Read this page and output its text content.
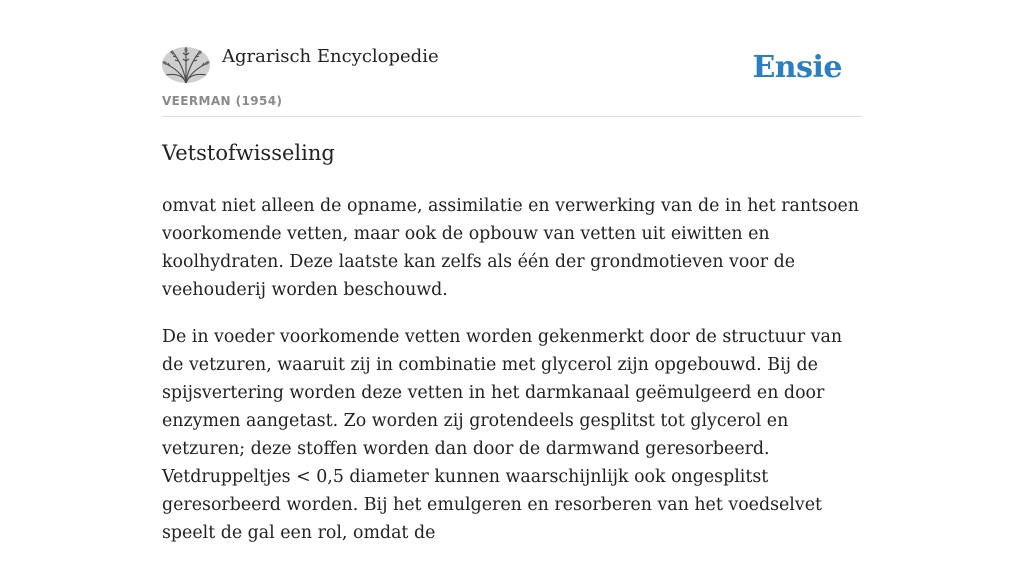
Agrarisch Encyclopedie
VEERMAN (1954)
Ensie
Vetstofwisseling

omvat niet alleen de opname, assimilatie en verwerking van de in het rantsoen voorkomende vetten, maar ook de opbouw van vetten uit eiwitten en koolhydraten. Deze laatste kan zelfs als één der grondmotieven voor de veehouderij worden beschouwd.

De in voeder voorkomende vetten worden gekenmerkt door de structuur van de vetzuren, waaruit zij in combinatie met glycerol zijn opgebouwd. Bij de spijsvertering worden deze vetten in het darmkanaal geëmulgeerd en door enzymen aangetast. Zo worden zij grotendeels gesplitst tot glycerol en vetzuren; deze stoffen worden dan door de darmwand geresorbeerd. Vetdruppeltjes < 0,5 diameter kunnen waarschijnlijk ook ongesplitst geresorbeerd worden. Bij het emulgeren en resorberen van het voedselvet speelt de gal een rol, omdat de
